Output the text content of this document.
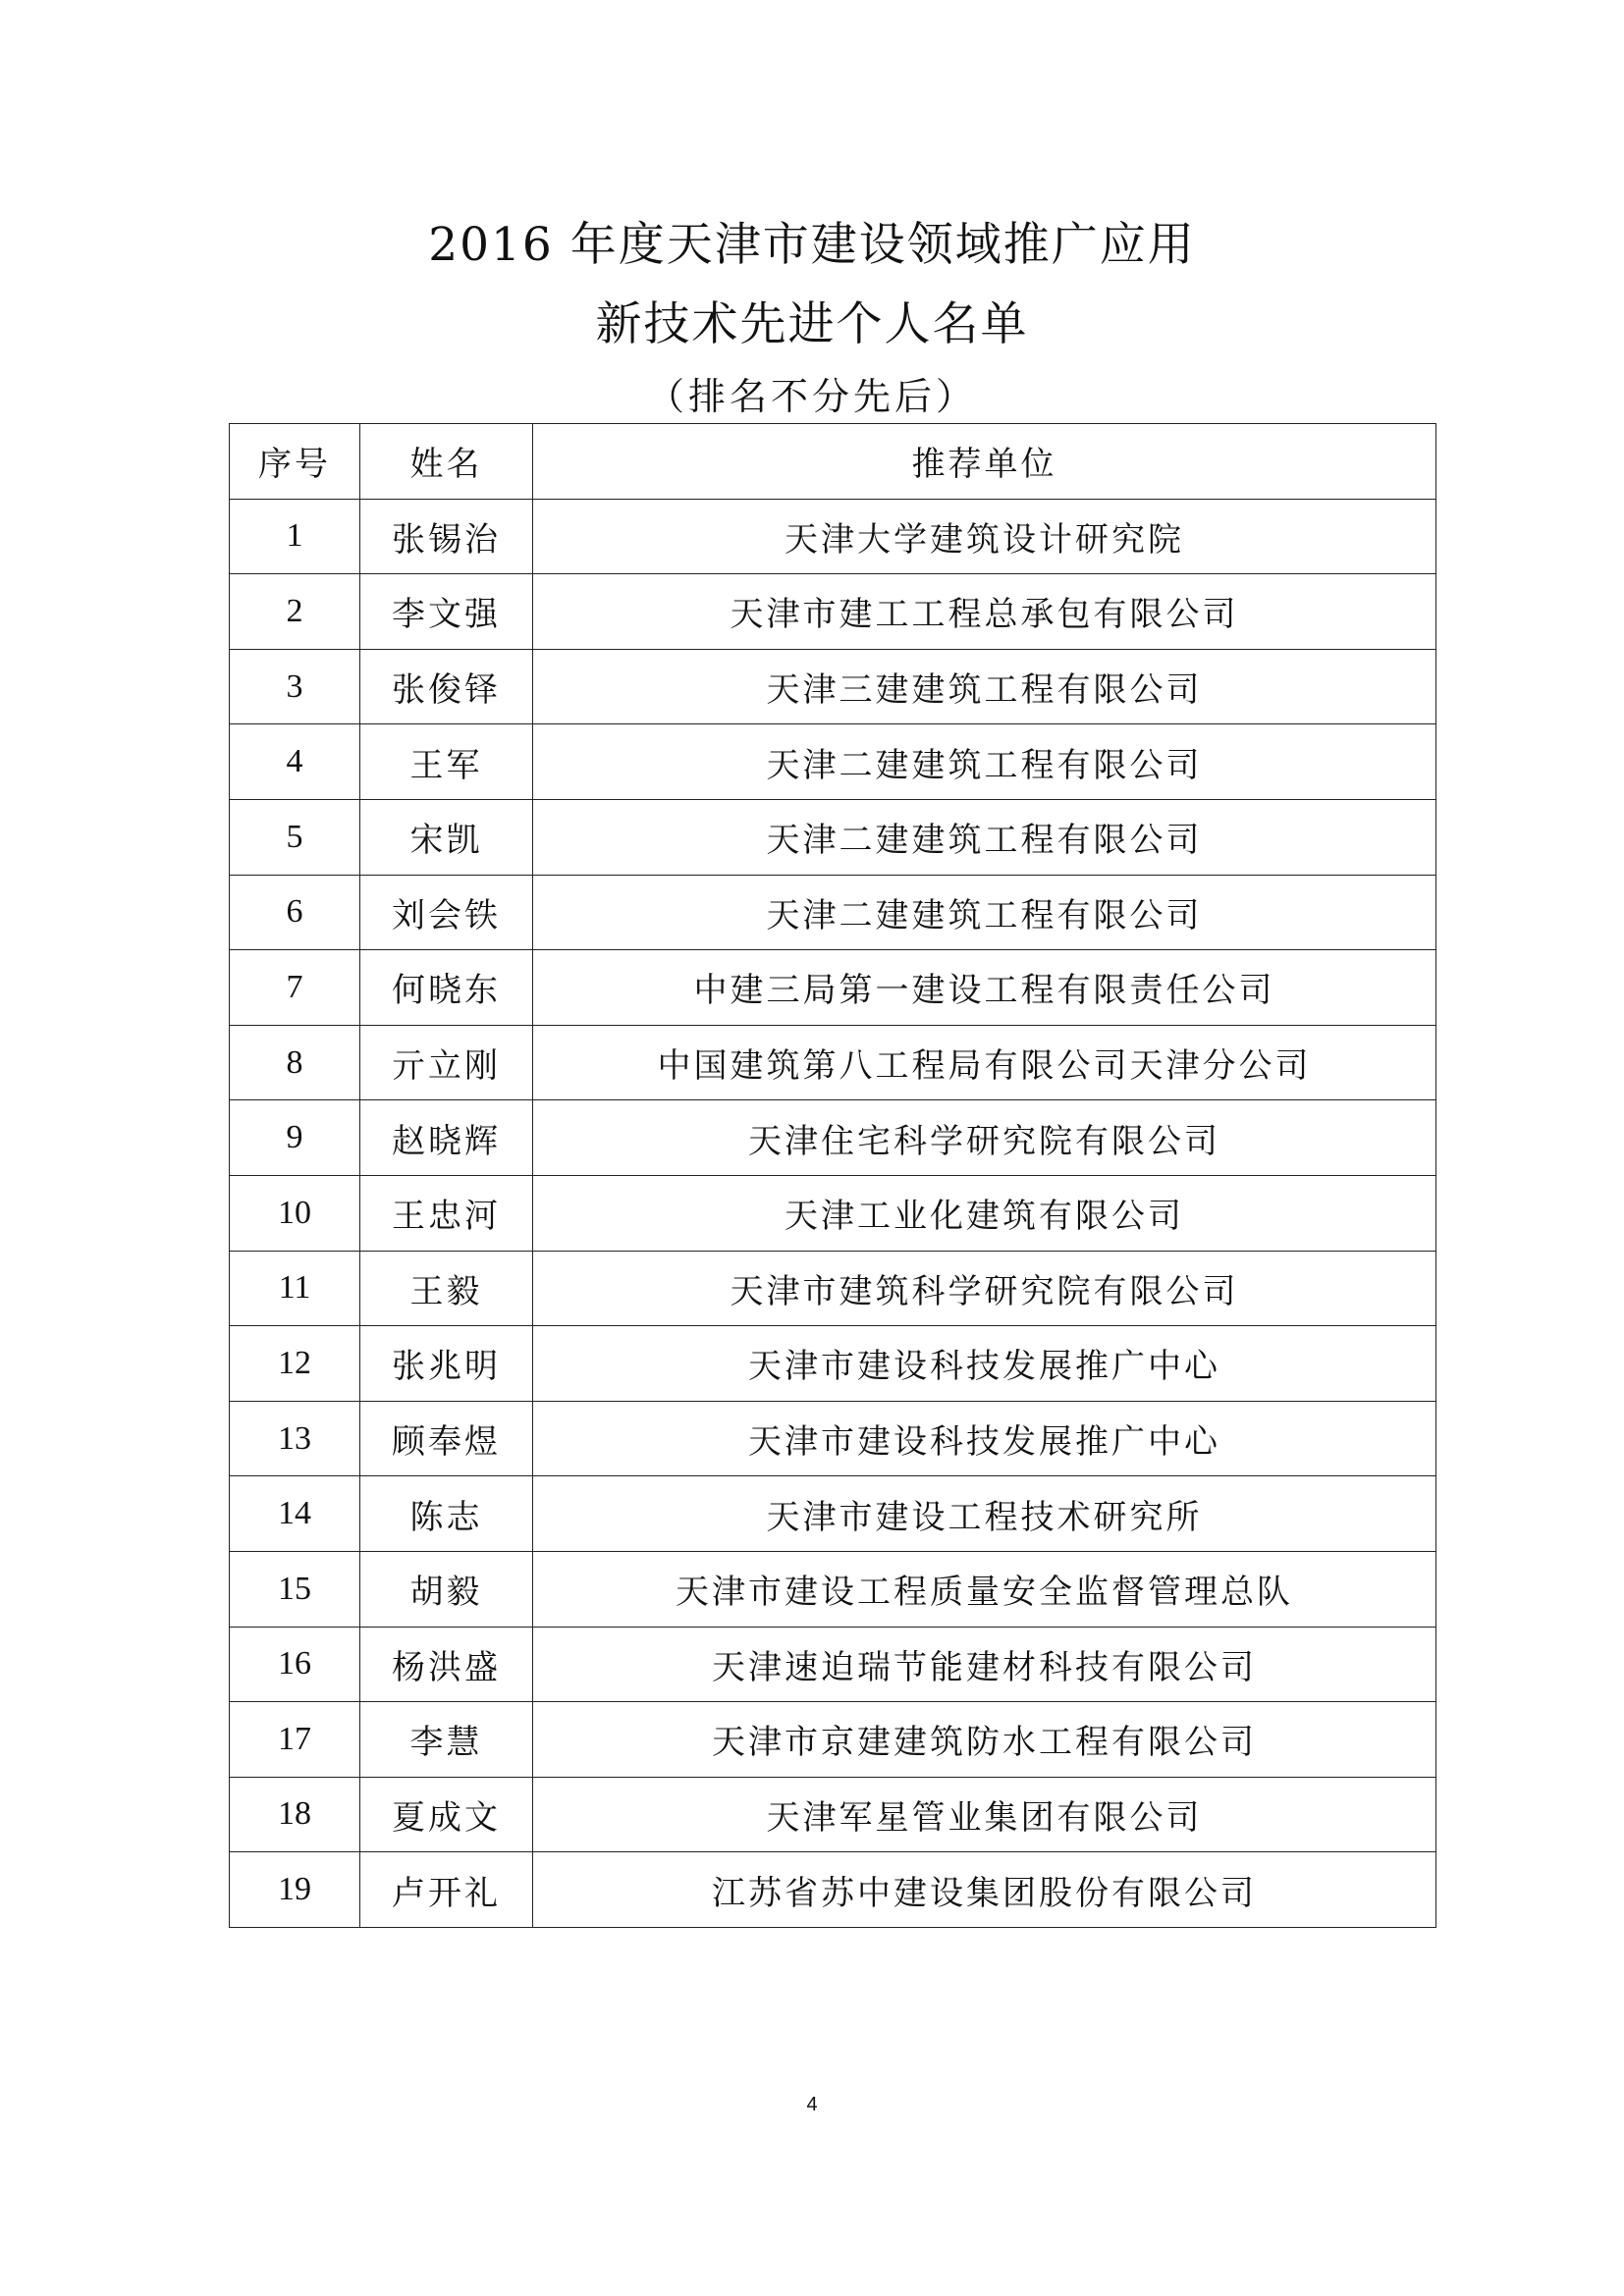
2016 年度天津市建设领域推广应用
新技术先进个人名单
（排名不分先后）
序号	姓名	推荐单位
1	张锡治	天津大学建筑设计研究院
2	李文强	天津市建工工程总承包有限公司
3	张俊铎	天津三建建筑工程有限公司
4	王军	天津二建建筑工程有限公司
5	宋凯	天津二建建筑工程有限公司
6	刘会铁	天津二建建筑工程有限公司
7	何晓东	中建三局第一建设工程有限责任公司
8	亓立刚	中国建筑第八工程局有限公司天津分公司
9	赵晓辉	天津住宅科学研究院有限公司
10	王忠河	天津工业化建筑有限公司
11	王毅	天津市建筑科学研究院有限公司
12	张兆明	天津市建设科技发展推广中心
13	顾奉煜	天津市建设科技发展推广中心
14	陈志	天津市建设工程技术研究所
15	胡毅	天津市建设工程质量安全监督管理总队
16	杨洪盛	天津速迫瑞节能建材科技有限公司
17	李慧	天津市京建建筑防水工程有限公司
18	夏成文	天津军星管业集团有限公司
19	卢开礼	江苏省苏中建设集团股份有限公司
4
